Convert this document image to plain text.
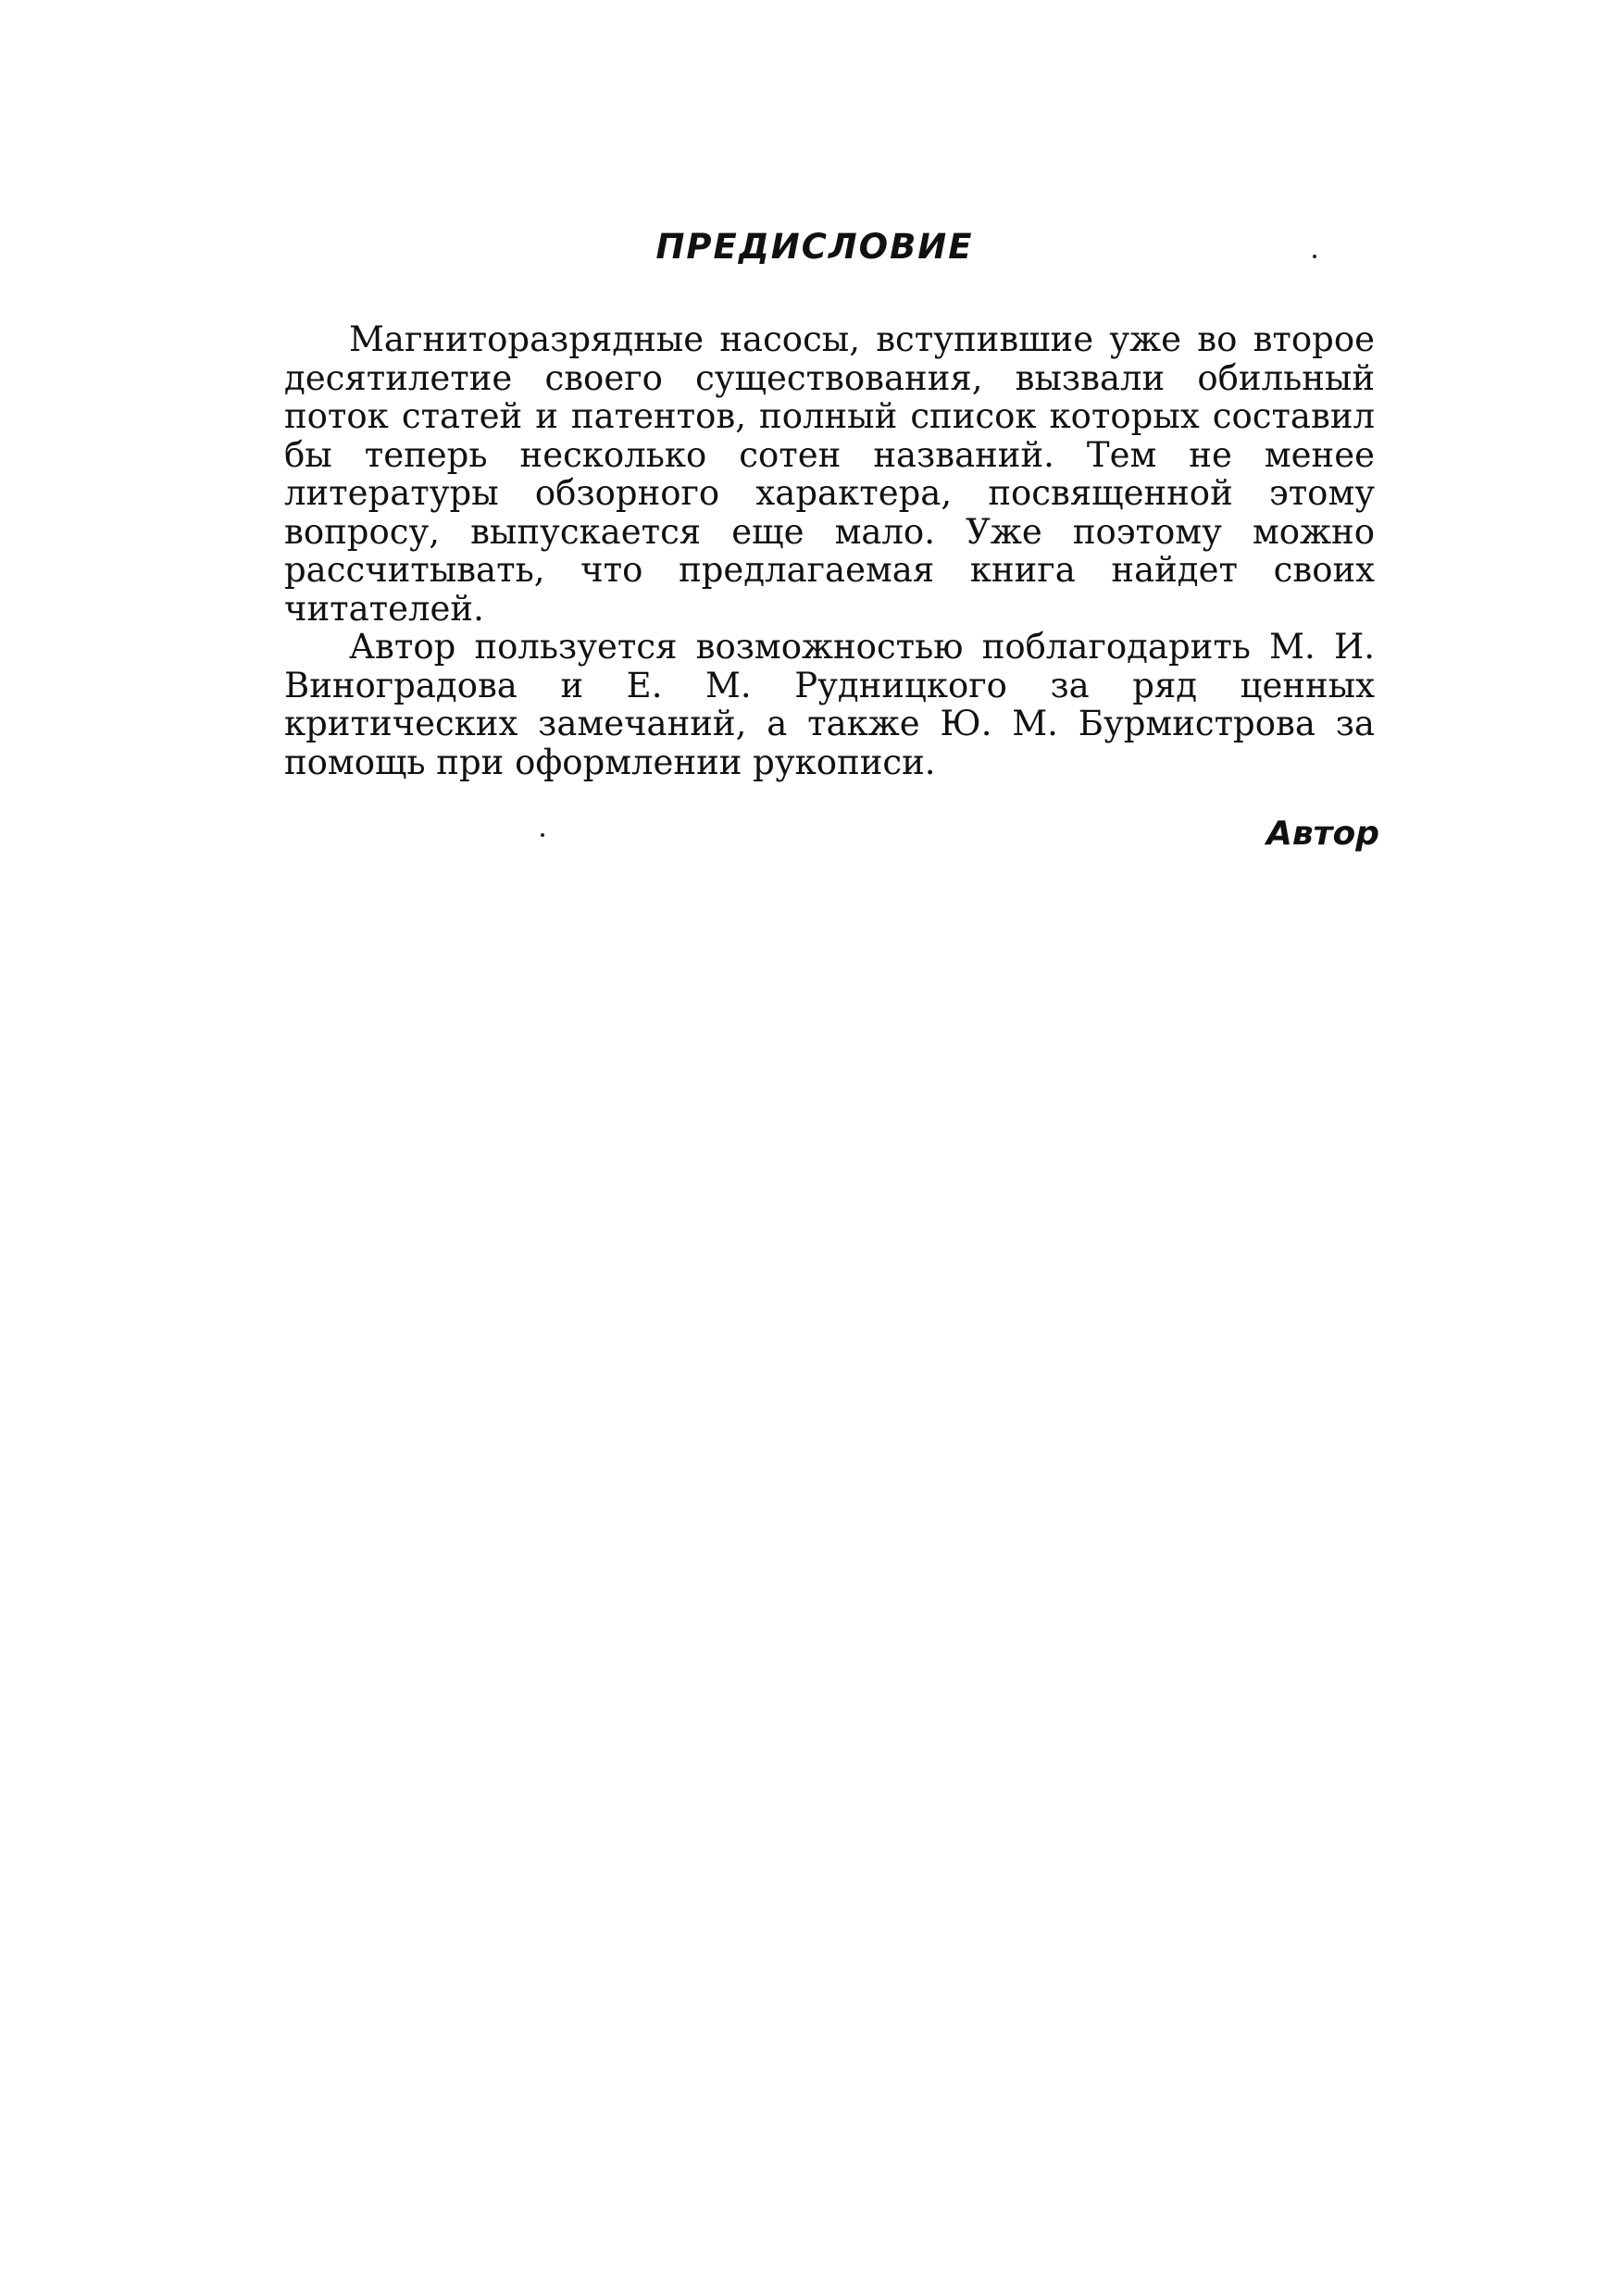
ПРЕДИСЛОВИЕ

Магниторазрядные насосы, вступившие уже во второе десятилетие своего существования, вызвали обильный поток статей и патентов, полный список которых составил бы теперь несколько сотен названий. Тем не менее литературы обзорного характера, посвященной этому вопросу, выпускается еще мало. Уже поэтому можно рассчитывать, что предлагаемая книга найдет своих читателей.

Автор пользуется возможностью поблагодарить М. И. Виноградова и Е. М. Рудницкого за ряд ценных критических замечаний, а также Ю. М. Бурмистрова за помощь при оформлении рукописи.

Автор
